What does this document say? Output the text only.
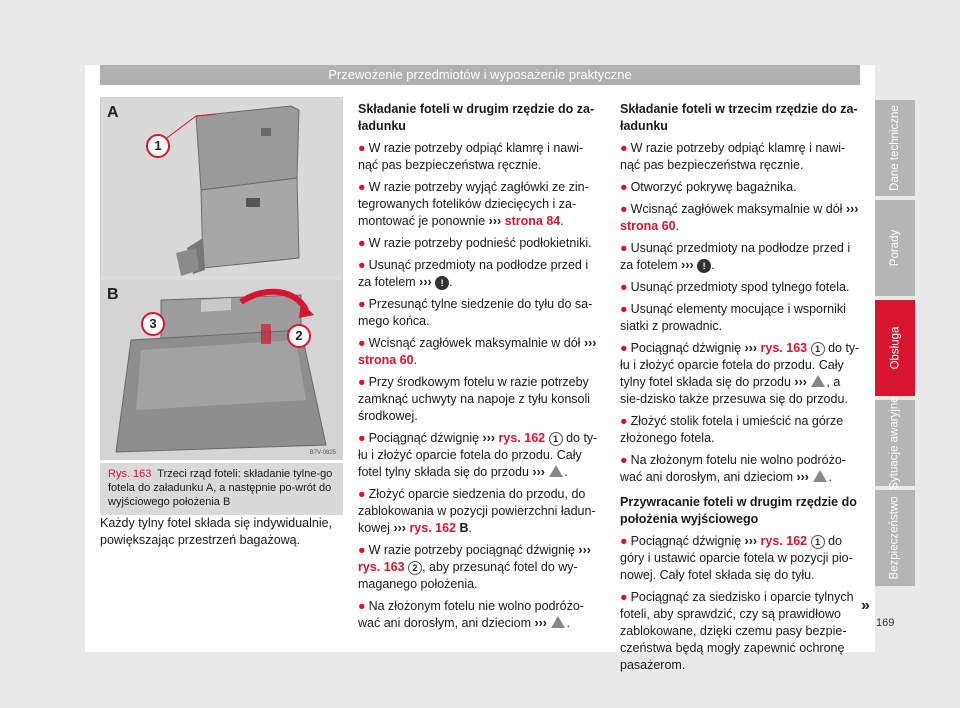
Przewożenie przedmiotów i wyposażenie praktyczne
A
1
B
3
2
B7V-0825
Rys. 163 Trzeci rząd foteli: składanie tylne-go fotela do załadunku A, a następnie po-wrót do wyjściowego położenia B
Każdy tylny fotel składa się indywidualnie, powiększając przestrzeń bagażową.
Składanie foteli w drugim rzędzie do za-ładunku

● W razie potrzeby odpiąć klamrę i nawi-nąć pas bezpieczeństwa ręcznie.

● W razie potrzeby wyjąć zagłówki ze zin-tegrowanych fotelików dziecięcych i za-montować je ponownie ››› strona 84.

● W razie potrzeby podnieść podłokietniki.

● Usunąć przedmioty na podłodze przed i za fotelem ››› ! .

● Przesunąć tylne siedzenie do tyłu do sa-mego końca.

● Wcisnąć zagłówek maksymalnie w dół ››› strona 60.

● Przy środkowym fotelu w razie potrzeby zamknąć uchwyty na napoje z tyłu konsoli środkowej.

● Pociągnąć dźwignię ››› rys. 162 1 do ty-łu i złożyć oparcie fotela do przodu. Cały fotel tylny składa się do przodu ››› .

● Złożyć oparcie siedzenia do przodu, do zablokowania w pozycji powierzchni ładun-kowej ››› rys. 162 B.

● W razie potrzeby pociągnąć dźwignię ››› rys. 163 2 , aby przesunąć fotel do wy-maganego położenia.

● Na złożonym fotelu nie wolno podróżo-wać ani dorosłym, ani dzieciom ››› .

Składanie foteli w trzecim rzędzie do za-ładunku

● W razie potrzeby odpiąć klamrę i nawi-nąć pas bezpieczeństwa ręcznie.

● Otworzyć pokrywę bagażnika.

● Wcisnąć zagłówek maksymalnie w dół ››› strona 60.

● Usunąć przedmioty na podłodze przed i za fotelem ››› ! .

● Usunąć przedmioty spod tylnego fotela.

● Usunąć elementy mocujące i wsporniki siatki z prowadnic.

● Pociągnąć dźwignię ››› rys. 163 1 do ty-łu i złożyć oparcie fotela do przodu. Cały tylny fotel składa się do przodu ››› , a sie-dzisko także przesuwa się do przodu.

● Złożyć stolik fotela i umieścić na górze złożonego fotela.

● Na złożonym fotelu nie wolno podróżo-wać ani dorosłym, ani dzieciom ››› .

Przywracanie foteli w drugim rzędzie do położenia wyjściowego

● Pociągnąć dźwignię ››› rys. 162 1 do góry i ustawić oparcie fotela w pozycji pio-nowej. Cały fotel składa się do tyłu.

● Pociągnąć za siedzisko i oparcie tylnych foteli, aby sprawdzić, czy są prawidłowo zablokowane, dzięki czemu pasy bezpie-czeństwa będą mogły zapewnić ochronę pasażerom.

Dane techniczne
Porady
Obsługa
Sytuacje awaryjne
Bezpieczeństwo
»
169
